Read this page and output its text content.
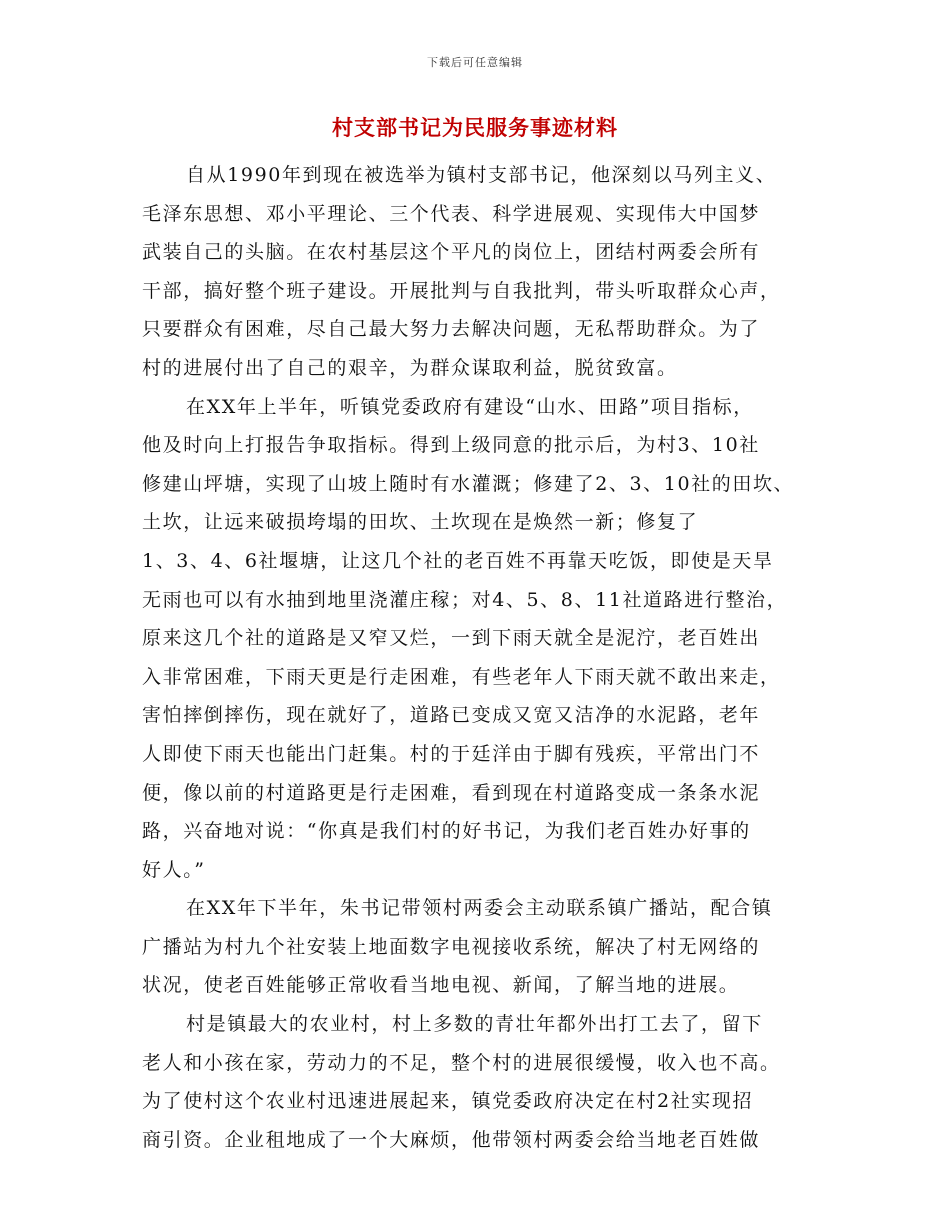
下载后可任意编辑
村支部书记为民服务事迹材料
自从1990年到现在被选举为镇村支部书记，他深刻以马列主义、
毛泽东思想、邓小平理论、三个代表、科学进展观、实现伟大中国梦
武装自己的头脑。在农村基层这个平凡的岗位上，团结村两委会所有
干部，搞好整个班子建设。开展批判与自我批判，带头听取群众心声，
只要群众有困难，尽自己最大努力去解决问题，无私帮助群众。为了
村的进展付出了自己的艰辛，为群众谋取利益，脱贫致富。
在XX年上半年，听镇党委政府有建设“山水、田路”项目指标，
他及时向上打报告争取指标。得到上级同意的批示后，为村3、10社
修建山坪塘，实现了山坡上随时有水灌溉；修建了2、3、10社的田坎、
土坎，让远来破损垮塌的田坎、土坎现在是焕然一新；修复了
1、3、4、6社堰塘，让这几个社的老百姓不再靠天吃饭，即使是天旱
无雨也可以有水抽到地里浇灌庄稼；对4、5、8、11社道路进行整治，
原来这几个社的道路是又窄又烂，一到下雨天就全是泥泞，老百姓出
入非常困难，下雨天更是行走困难，有些老年人下雨天就不敢出来走，
害怕摔倒摔伤，现在就好了，道路已变成又宽又洁净的水泥路，老年
人即使下雨天也能出门赶集。村的于廷洋由于脚有残疾，平常出门不
便，像以前的村道路更是行走困难，看到现在村道路变成一条条水泥
路，兴奋地对说：“你真是我们村的好书记，为我们老百姓办好事的
好人。”
在XX年下半年，朱书记带领村两委会主动联系镇广播站，配合镇
广播站为村九个社安装上地面数字电视接收系统，解决了村无网络的
状况，使老百姓能够正常收看当地电视、新闻，了解当地的进展。
村是镇最大的农业村，村上多数的青壮年都外出打工去了，留下
老人和小孩在家，劳动力的不足，整个村的进展很缓慢，收入也不高。
为了使村这个农业村迅速进展起来，镇党委政府决定在村2社实现招
商引资。企业租地成了一个大麻烦，他带领村两委会给当地老百姓做
